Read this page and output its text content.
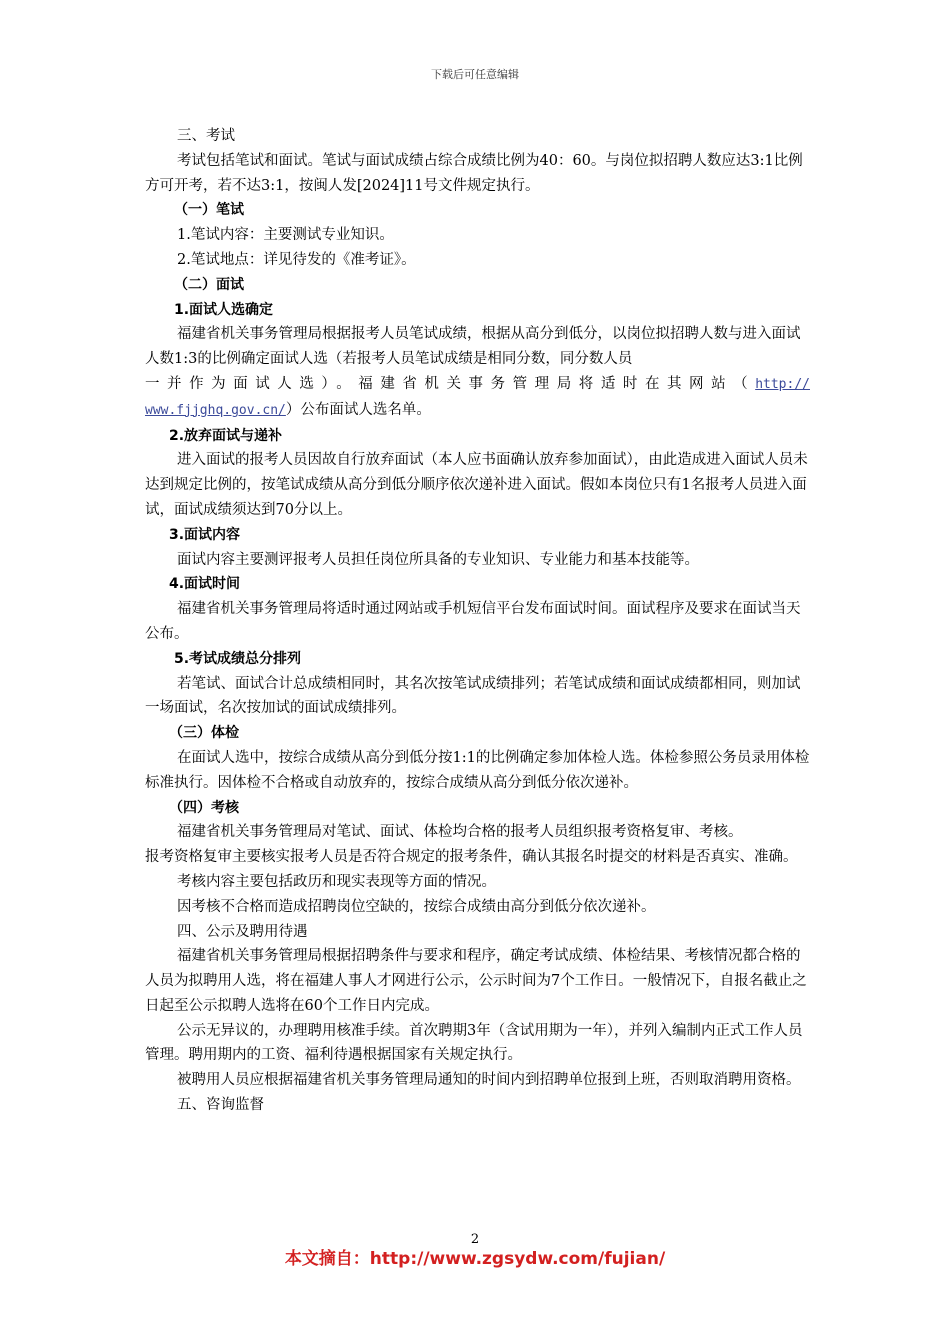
下载后可任意编辑

三、考试

考试包括笔试和面试。笔试与面试成绩占综合成绩比例为40：60。与岗位拟招聘人数应达3:1比例方可开考，若不达3:1，按闽人发[2024]11号文件规定执行。

（一）笔试

1.笔试内容：主要测试专业知识。

2.笔试地点：详见待发的《准考证》。

（二）面试

1.面试人选确定

福建省机关事务管理局根据报考人员笔试成绩，根据从高分到低分，以岗位拟招聘人数与进入面试人数1:3的比例确定面试人选（若报考人员笔试成绩是相同分数，同分数人员

一并作为面试人选）。福建省机关事务管理局将适时在其网站（http://

www.fjjghq.gov.cn/）公布面试人选名单。

2.放弃面试与递补

进入面试的报考人员因故自行放弃面试（本人应书面确认放弃参加面试），由此造成进入面试人员未达到规定比例的，按笔试成绩从高分到低分顺序依次递补进入面试。假如本岗位只有1名报考人员进入面试，面试成绩须达到70分以上。

3.面试内容

面试内容主要测评报考人员担任岗位所具备的专业知识、专业能力和基本技能等。

4.面试时间

福建省机关事务管理局将适时通过网站或手机短信平台发布面试时间。面试程序及要求在面试当天公布。

5.考试成绩总分排列

若笔试、面试合计总成绩相同时，其名次按笔试成绩排列；若笔试成绩和面试成绩都相同，则加试一场面试，名次按加试的面试成绩排列。

（三）体检

在面试人选中，按综合成绩从高分到低分按1:1的比例确定参加体检人选。体检参照公务员录用体检标准执行。因体检不合格或自动放弃的，按综合成绩从高分到低分依次递补。

（四）考核

福建省机关事务管理局对笔试、面试、体检均合格的报考人员组织报考资格复审、考核。

报考资格复审主要核实报考人员是否符合规定的报考条件，确认其报名时提交的材料是否真实、准确。

考核内容主要包括政历和现实表现等方面的情况。

因考核不合格而造成招聘岗位空缺的，按综合成绩由高分到低分依次递补。

四、公示及聘用待遇

福建省机关事务管理局根据招聘条件与要求和程序，确定考试成绩、体检结果、考核情况都合格的人员为拟聘用人选，将在福建人事人才网进行公示，公示时间为7个工作日。一般情况下，自报名截止之日起至公示拟聘人选将在60个工作日内完成。

公示无异议的，办理聘用核准手续。首次聘期3年（含试用期为一年），并列入编制内正式工作人员管理。聘用期内的工资、福利待遇根据国家有关规定执行。

被聘用人员应根据福建省机关事务管理局通知的时间内到招聘单位报到上班，否则取消聘用资格。

五、咨询监督

2
本文摘自：http://www.zgsydw.com/fujian/
